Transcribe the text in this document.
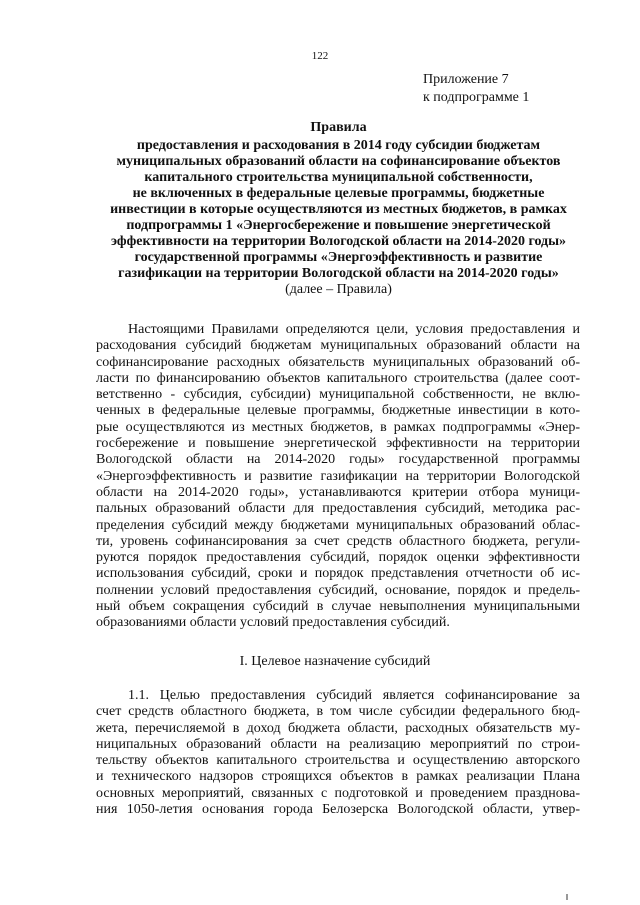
122
Приложение 7
к подпрограмме 1
Правила
предоставления и расходования в 2014 году субсидии бюджетам
муниципальных образований области на софинансирование объектов
капитального строительства муниципальной собственности,
не включенных в федеральные целевые программы, бюджетные
инвестиции в которые осуществляются из местных бюджетов, в рамках
подпрограммы 1 «Энергосбережение и повышение энергетической
эффективности на территории Вологодской области на 2014-2020 годы»
государственной программы «Энергоэффективность и развитие
газификации на территории Вологодской области на 2014-2020 годы»
(далее – Правила)
Настоящими Правилами определяются цели, условия предоставления и
расходования субсидий бюджетам муниципальных образований области на
софинансирование расходных обязательств муниципальных образований об-
ласти по финансированию объектов капитального строительства (далее соот-
ветственно - субсидия, субсидии) муниципальной собственности, не вклю-
ченных в федеральные целевые программы, бюджетные инвестиции в кото-
рые осуществляются из местных бюджетов, в рамках подпрограммы «Энер-
госбережение и повышение энергетической эффективности на территории
Вологодской области на 2014-2020 годы» государственной программы
«Энергоэффективность и развитие газификации на территории Вологодской
области на 2014-2020 годы», устанавливаются критерии отбора муници-
пальных образований области для предоставления субсидий, методика рас-
пределения субсидий между бюджетами муниципальных образований облас-
ти, уровень софинансирования за счет средств областного бюджета, регули-
руются порядок предоставления субсидий, порядок оценки эффективности
использования субсидий, сроки и порядок представления отчетности об ис-
полнении условий предоставления субсидий, основание, порядок и предель-
ный объем сокращения субсидий в случае невыполнения муниципальными
образованиями области условий предоставления субсидий.
I. Целевое назначение субсидий
1.1. Целью предоставления субсидий является софинансирование за
счет средств областного бюджета, в том числе субсидии федерального бюд-
жета, перечисляемой в доход бюджета области, расходных обязательств му-
ниципальных образований области на реализацию мероприятий по строи-
тельству объектов капитального строительства и осуществлению авторского
и технического надзоров строящихся объектов в рамках реализации Плана
основных мероприятий, связанных с подготовкой и проведением празднова-
ния 1050-летия основания города Белозерска Вологодской области, утвер-
